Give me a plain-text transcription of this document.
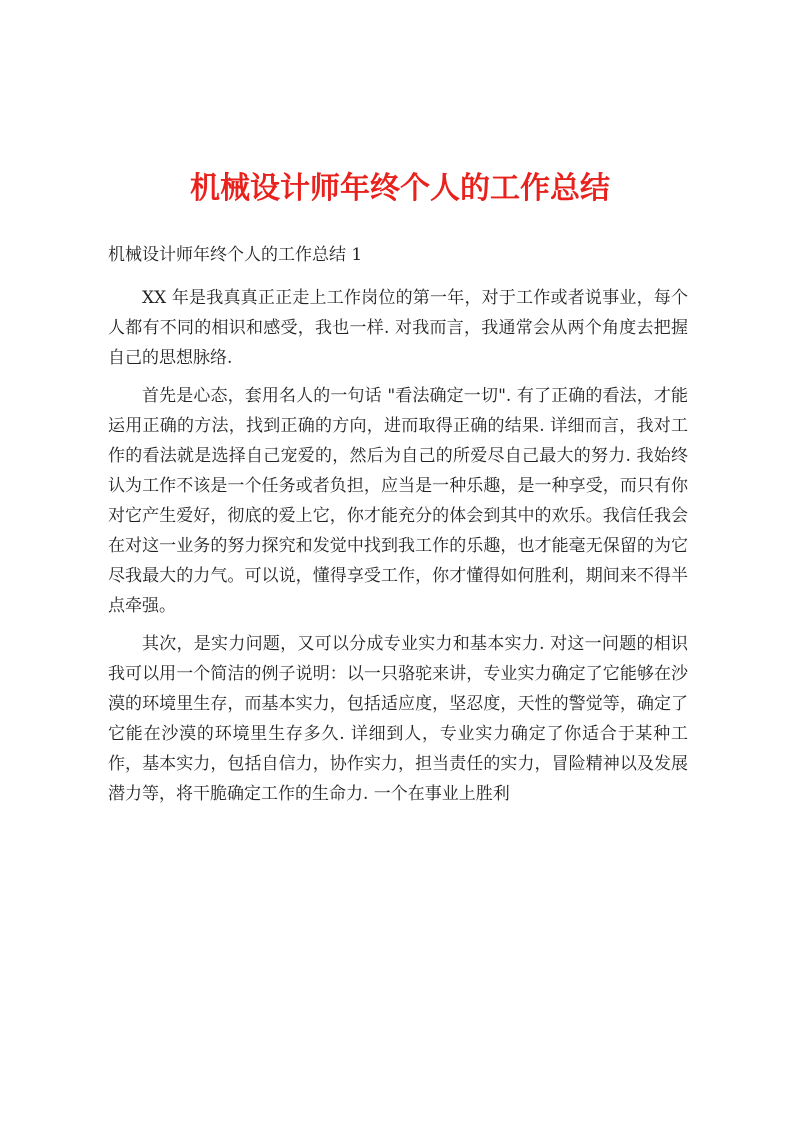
机械设计师年终个人的工作总结

机械设计师年终个人的工作总结 1

XX 年是我真真正正走上工作岗位的第一年，对于工作或者说事业，每个人都有不同的相识和感受，我也一样. 对我而言，我通常会从两个角度去把握自己的思想脉络.

首先是心态，套用名人的一句话 "看法确定一切". 有了正确的看法，才能运用正确的方法，找到正确的方向，进而取得正确的结果. 详细而言，我对工作的看法就是选择自己宠爱的，然后为自己的所爱尽自己最大的努力. 我始终认为工作不该是一个任务或者负担，应当是一种乐趣，是一种享受，而只有你对它产生爱好，彻底的爱上它，你才能充分的体会到其中的欢乐。我信任我会在对这一业务的努力探究和发觉中找到我工作的乐趣，也才能毫无保留的为它尽我最大的力气。可以说，懂得享受工作，你才懂得如何胜利，期间来不得半点牵强。

其次，是实力问题，又可以分成专业实力和基本实力. 对这一问题的相识我可以用一个简洁的例子说明：以一只骆驼来讲，专业实力确定了它能够在沙漠的环境里生存，而基本实力，包括适应度，坚忍度，天性的警觉等，确定了它能在沙漠的环境里生存多久. 详细到人，专业实力确定了你适合于某种工作，基本实力，包括自信力，协作实力，担当责任的实力，冒险精神以及发展潜力等，将干脆确定工作的生命力. 一个在事业上胜利
